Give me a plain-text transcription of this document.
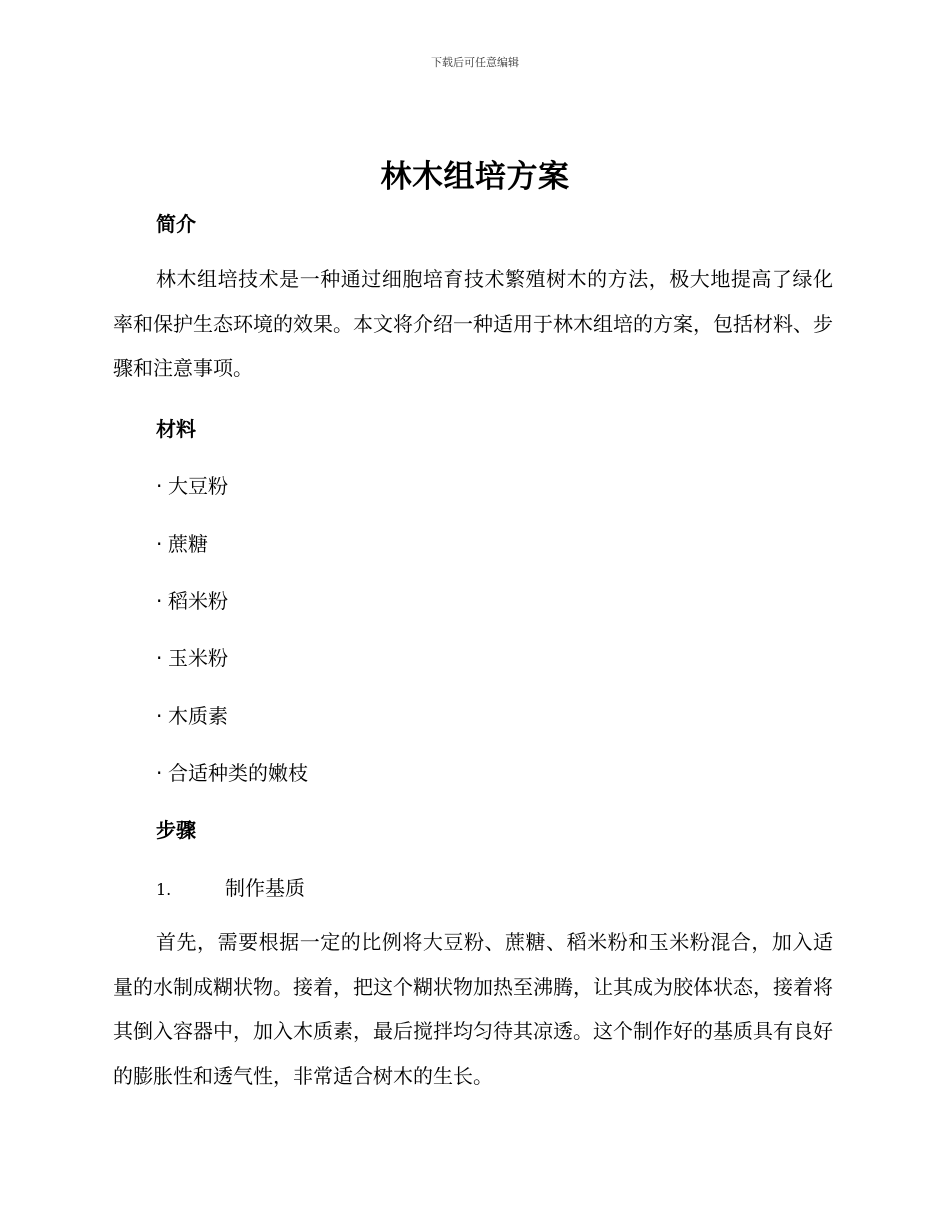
下载后可任意编辑
林木组培方案
简介

林木组培技术是一种通过细胞培育技术繁殖树木的方法，极大地提高了绿化率和保护生态环境的效果。本文将介绍一种适用于林木组培的方案，包括材料、步骤和注意事项。

材料
· 大豆粉
· 蔗糖
· 稻米粉
· 玉米粉
· 木质素
· 合适种类的嫩枝
步骤
1.	制作基质

首先，需要根据一定的比例将大豆粉、蔗糖、稻米粉和玉米粉混合，加入适量的水制成糊状物。接着，把这个糊状物加热至沸腾，让其成为胶体状态，接着将其倒入容器中，加入木质素，最后搅拌均匀待其凉透。这个制作好的基质具有良好的膨胀性和透气性，非常适合树木的生长。
